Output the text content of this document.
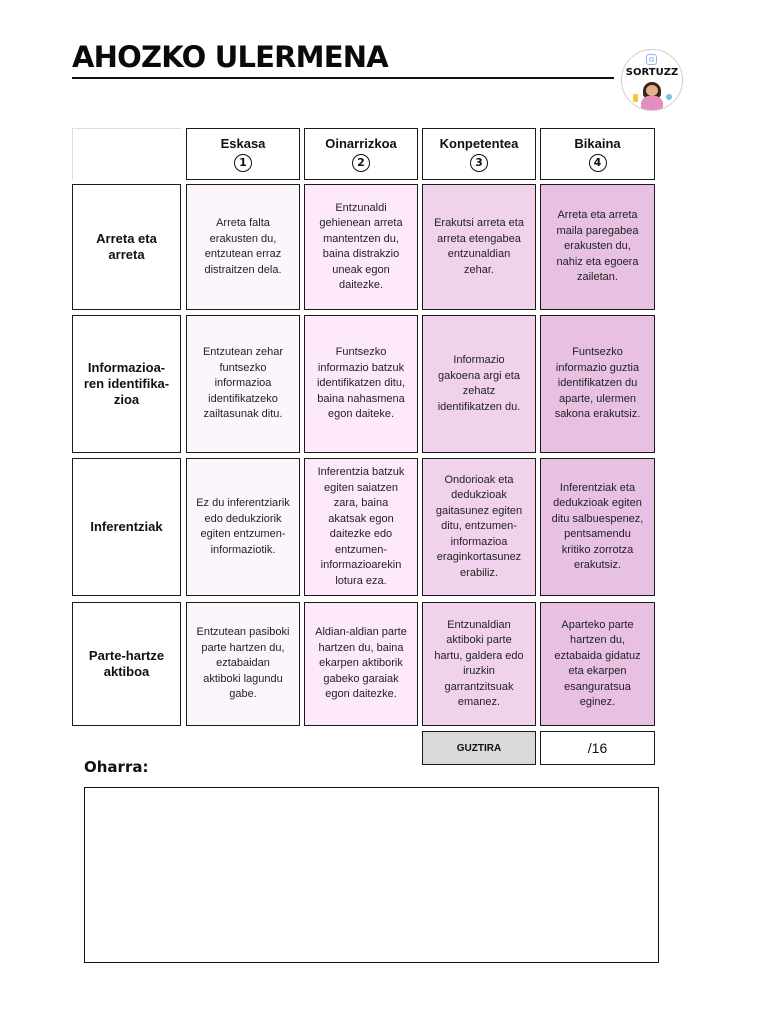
AHOZKO ULERMENA	SORTUZZ
Eskasa
1
Oinarrizkoa
2
Konpetentea
3
Bikaina
4
Arreta eta arreta
Arreta falta erakusten du, entzutean erraz distraitzen dela.
Entzunaldi gehienean arreta mantentzen du, baina distrakzio uneak egon daitezke.
Erakutsi arreta eta arreta etengabea entzunaldian zehar.
Arreta eta arreta maila paregabea erakusten du, nahiz eta egoera zailetan.
Informazioa-ren identifika-zioa
Entzutean zehar funtsezko informazioa identifikatzeko zailtasunak ditu.
Funtsezko informazio batzuk identifikatzen ditu, baina nahasmena egon daiteke.
Informazio gakoena argi eta zehatz identifikatzen du.
Funtsezko informazio guztia identifikatzen du aparte, ulermen sakona erakutsiz.
Inferentziak
Ez du inferentziarik edo dedukziorik egiten entzumen-informaziotik.
Inferentzia batzuk egiten saiatzen zara, baina akatsak egon daitezke edo entzumen-informazioarekin lotura eza.
Ondorioak eta dedukzioak gaitasunez egiten ditu, entzumen-informazioa eraginkortasunez erabiliz.
Inferentziak eta dedukzioak egiten ditu salbuespenez, pentsamendu kritiko zorrotza erakutsiz.
Parte-hartze aktiboa
Entzutean pasiboki parte hartzen du, eztabaidan aktiboki lagundu gabe.
Aldian-aldian parte hartzen du, baina ekarpen aktiborik gabeko garaiak egon daitezke.
Entzunaldian aktiboki parte hartu, galdera edo iruzkin garrantzitsuak emanez.
Aparteko parte hartzen du, eztabaida gidatuz eta ekarpen esanguratsua eginez.
GUZTIRA	/16
Oharra:
